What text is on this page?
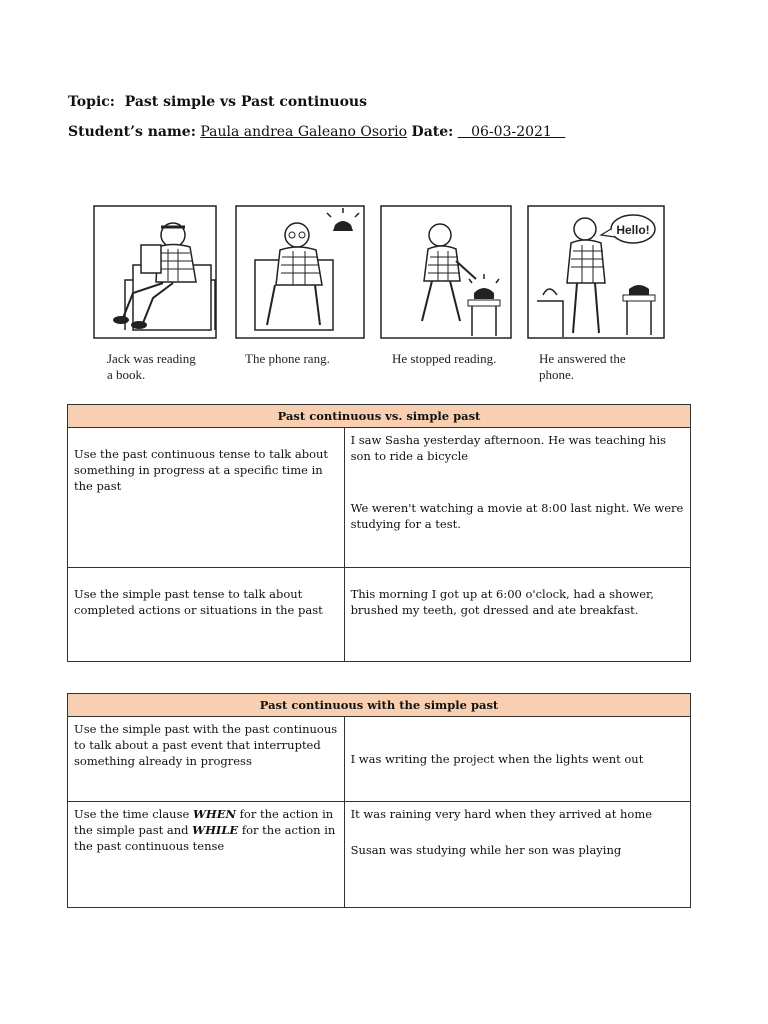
Topic: Past simple vs Past continuous
Student’s name: Paula andrea Galeano Osorio Date: 06-03-2021
Jack was reading
a book.
The phone rang.	He stopped reading.
Hello!
He answered the
phone.
Past continuous vs. simple past	
Use the past continuous tense to talk about something in progress at a specific time in the past	I saw Sasha yesterday afternoon. He was teaching his son to ride a bicycle
We weren't watching a movie at 8:00 last night. We were studying for a test.

Use the simple past tense to talk about completed actions or situations in the past	This morning I got up at 6:00 o'clock, had a shower, brushed my teeth, got dressed and ate breakfast.
Past continuous with the simple past	
Use the simple past with the past continuous to talk about a past event that interrupted something already in progress	I was writing the project when the lights went out
Use the time clause WHEN for the action in the simple past and WHILE for the action in the past continuous tense	It was raining very hard when they arrived at home
Susan was studying while her son was playing
